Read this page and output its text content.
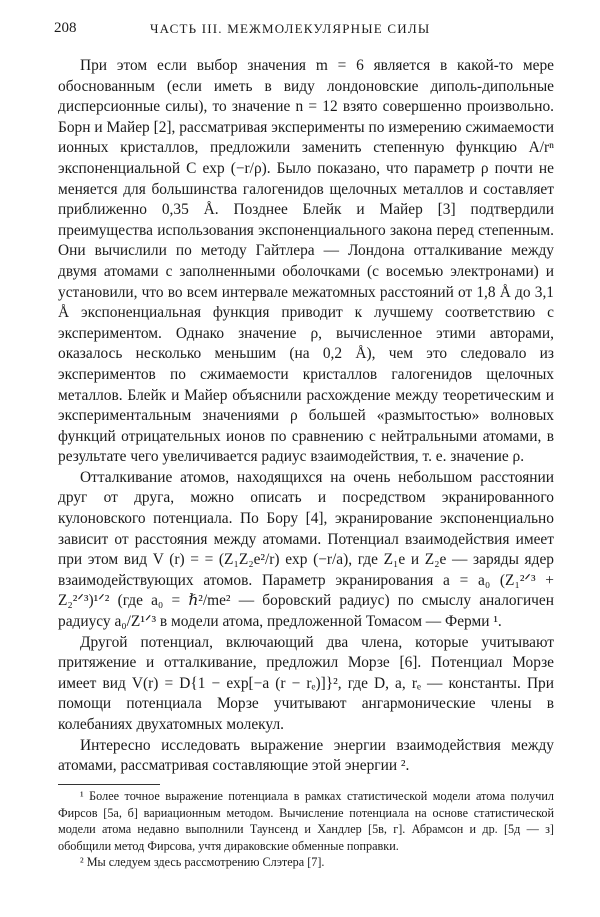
208	ЧАСТЬ III. МЕЖМОЛЕКУЛЯРНЫЕ СИЛЫ

При этом если выбор значения m = 6 является в какой-то мере обоснованным (если иметь в виду лондоновские диполь-дипольные дисперсионные силы), то значение n = 12 взято совершенно произвольно. Борн и Майер [2], рассматривая эксперименты по измерению сжимаемости ионных кристаллов, предложили заменить степенную функцию A/rⁿ экспоненциальной C exp (−r/ρ). Было показано, что параметр ρ почти не меняется для большинства галогенидов щелочных металлов и составляет приближенно 0,35 Å. Позднее Блейк и Майер [3] подтвердили преимущества использования экспоненциального закона перед степенным. Они вычислили по методу Гайтлера — Лондона отталкивание между двумя атомами с заполненными оболочками (с восемью электронами) и установили, что во всем интервале межатомных расстояний от 1,8 Å до 3,1 Å экспоненциальная функция приводит к лучшему соответствию с экспериментом. Однако значение ρ, вычисленное этими авторами, оказалось несколько меньшим (на 0,2 Å), чем это следовало из экспериментов по сжимаемости кристаллов галогенидов щелочных металлов. Блейк и Майер объяснили расхождение между теоретическим и экспериментальным значениями ρ большей «размытостью» волновых функций отрицательных ионов по сравнению с нейтральными атомами, в результате чего увеличивается радиус взаимодействия, т. е. значение ρ.

Отталкивание атомов, находящихся на очень небольшом расстоянии друг от друга, можно описать и посредством экранированного кулоновского потенциала. По Бору [4], экранирование экспоненциально зависит от расстояния между атомами. Потенциал взаимодействия имеет при этом вид V (r) = = (Z₁Z₂e²/r) exp (−r/a), где Z₁e и Z₂e — заряды ядер взаимодействующих атомов. Параметр экранирования a = a₀ (Z₁²ᐟ³ + Z₂²ᐟ³)¹ᐟ² (где a₀ = ℏ²/me² — боровский радиус) по смыслу аналогичен радиусу a₀/Z¹ᐟ³ в модели атома, предложенной Томасом — Ферми ¹.

Другой потенциал, включающий два члена, которые учитывают притяжение и отталкивание, предложил Морзе [6]. Потенциал Морзе имеет вид V(r) = D{1 − exp[−a (r − rₑ)]}², где D, a, rₑ — константы. При помощи потенциала Морзе учитывают ангармонические члены в колебаниях двухатомных молекул.

Интересно исследовать выражение энергии взаимодействия между атомами, рассматривая составляющие этой энергии ².

¹ Более точное выражение потенциала в рамках статистической модели атома получил Фирсов [5а, б] вариационным методом. Вычисление потенциала на основе статистической модели атома недавно выполнили Таунсенд и Хандлер [5в, г]. Абрамсон и др. [5д — з] обобщили метод Фирсова, учтя дираковские обменные поправки.

² Мы следуем здесь рассмотрению Слэтера [7].
